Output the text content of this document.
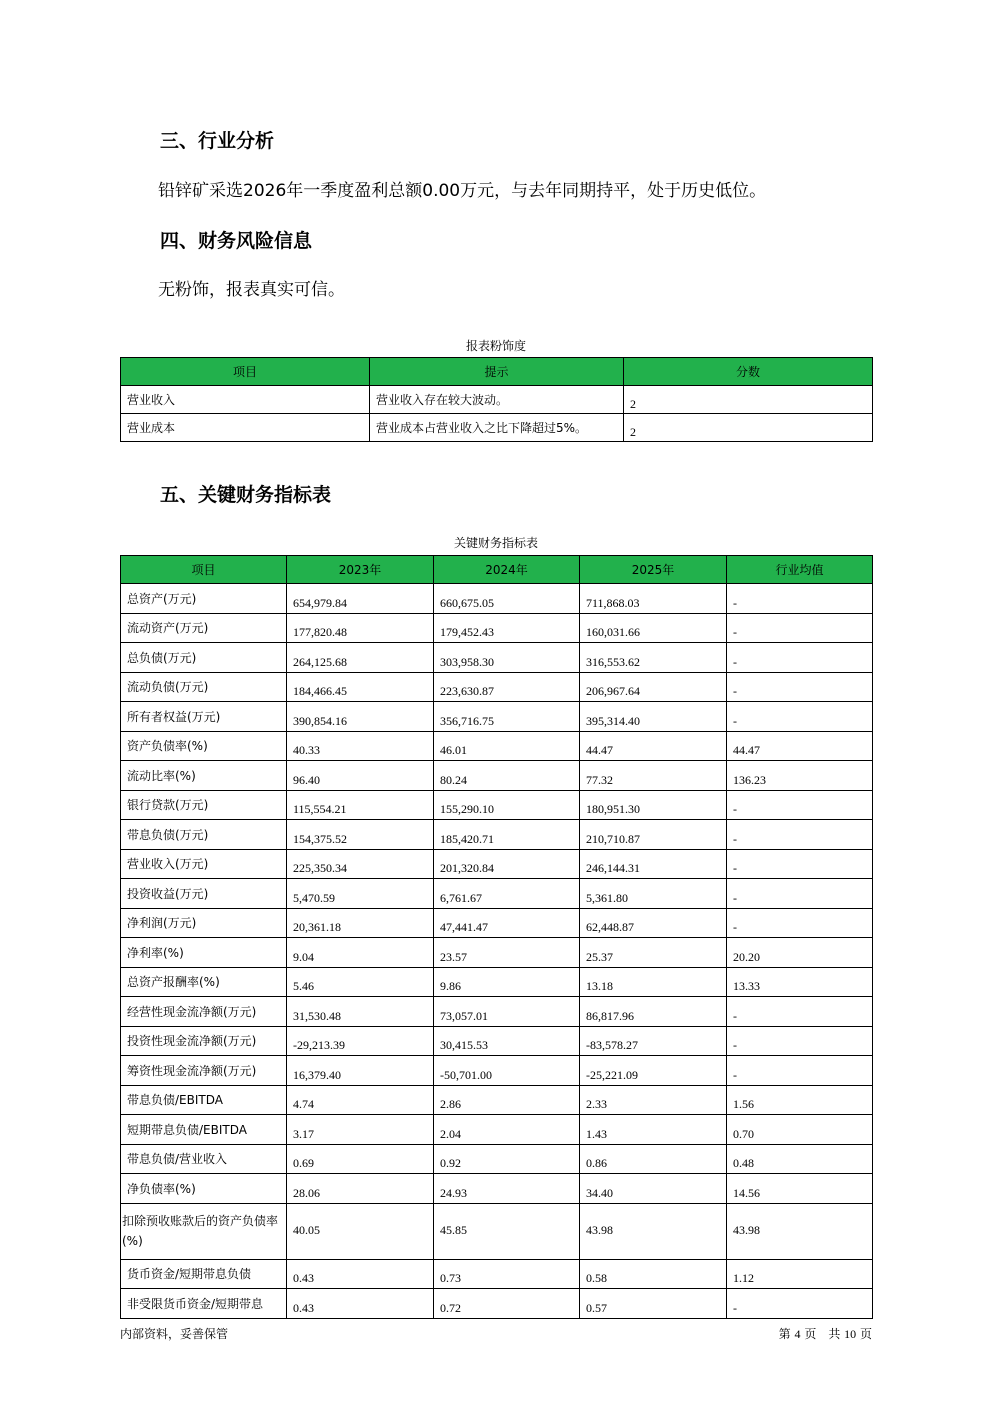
三、行业分析
铅锌矿采选2026年一季度盈利总额0.00万元，与去年同期持平，处于历史低位。
四、财务风险信息
无粉饰，报表真实可信。
报表粉饰度
项目	提示	分数
营业收入	营业收入存在较大波动。	2
营业成本	营业成本占营业收入之比下降超过5%。	2
五、关键财务指标表
关键财务指标表
项目	2023年	2024年	2025年	行业均值
总资产(万元)	654,979.84	660,675.05	711,868.03	-
流动资产(万元)	177,820.48	179,452.43	160,031.66	-
总负债(万元)	264,125.68	303,958.30	316,553.62	-
流动负债(万元)	184,466.45	223,630.87	206,967.64	-
所有者权益(万元)	390,854.16	356,716.75	395,314.40	-
资产负债率(%)	40.33	46.01	44.47	44.47
流动比率(%)	96.40	80.24	77.32	136.23
银行贷款(万元)	115,554.21	155,290.10	180,951.30	-
带息负债(万元)	154,375.52	185,420.71	210,710.87	-
营业收入(万元)	225,350.34	201,320.84	246,144.31	-
投资收益(万元)	5,470.59	6,761.67	5,361.80	-
净利润(万元)	20,361.18	47,441.47	62,448.87	-
净利率(%)	9.04	23.57	25.37	20.20
总资产报酬率(%)	5.46	9.86	13.18	13.33
经营性现金流净额(万元)	31,530.48	73,057.01	86,817.96	-
投资性现金流净额(万元)	-29,213.39	30,415.53	-83,578.27	-
筹资性现金流净额(万元)	16,379.40	-50,701.00	-25,221.09	-
带息负债/EBITDA	4.74	2.86	2.33	1.56
短期带息负债/EBITDA	3.17	2.04	1.43	0.70
带息负债/营业收入	0.69	0.92	0.86	0.48
净负债率(%)	28.06	24.93	34.40	14.56
扣除预收账款后的资产负债率(%)	40.05	45.85	43.98	43.98
货币资金/短期带息负债	0.43	0.73	0.58	1.12
非受限货币资金/短期带息	0.43	0.72	0.57	-
内部资料，妥善保管	第 4 页　共 10 页
